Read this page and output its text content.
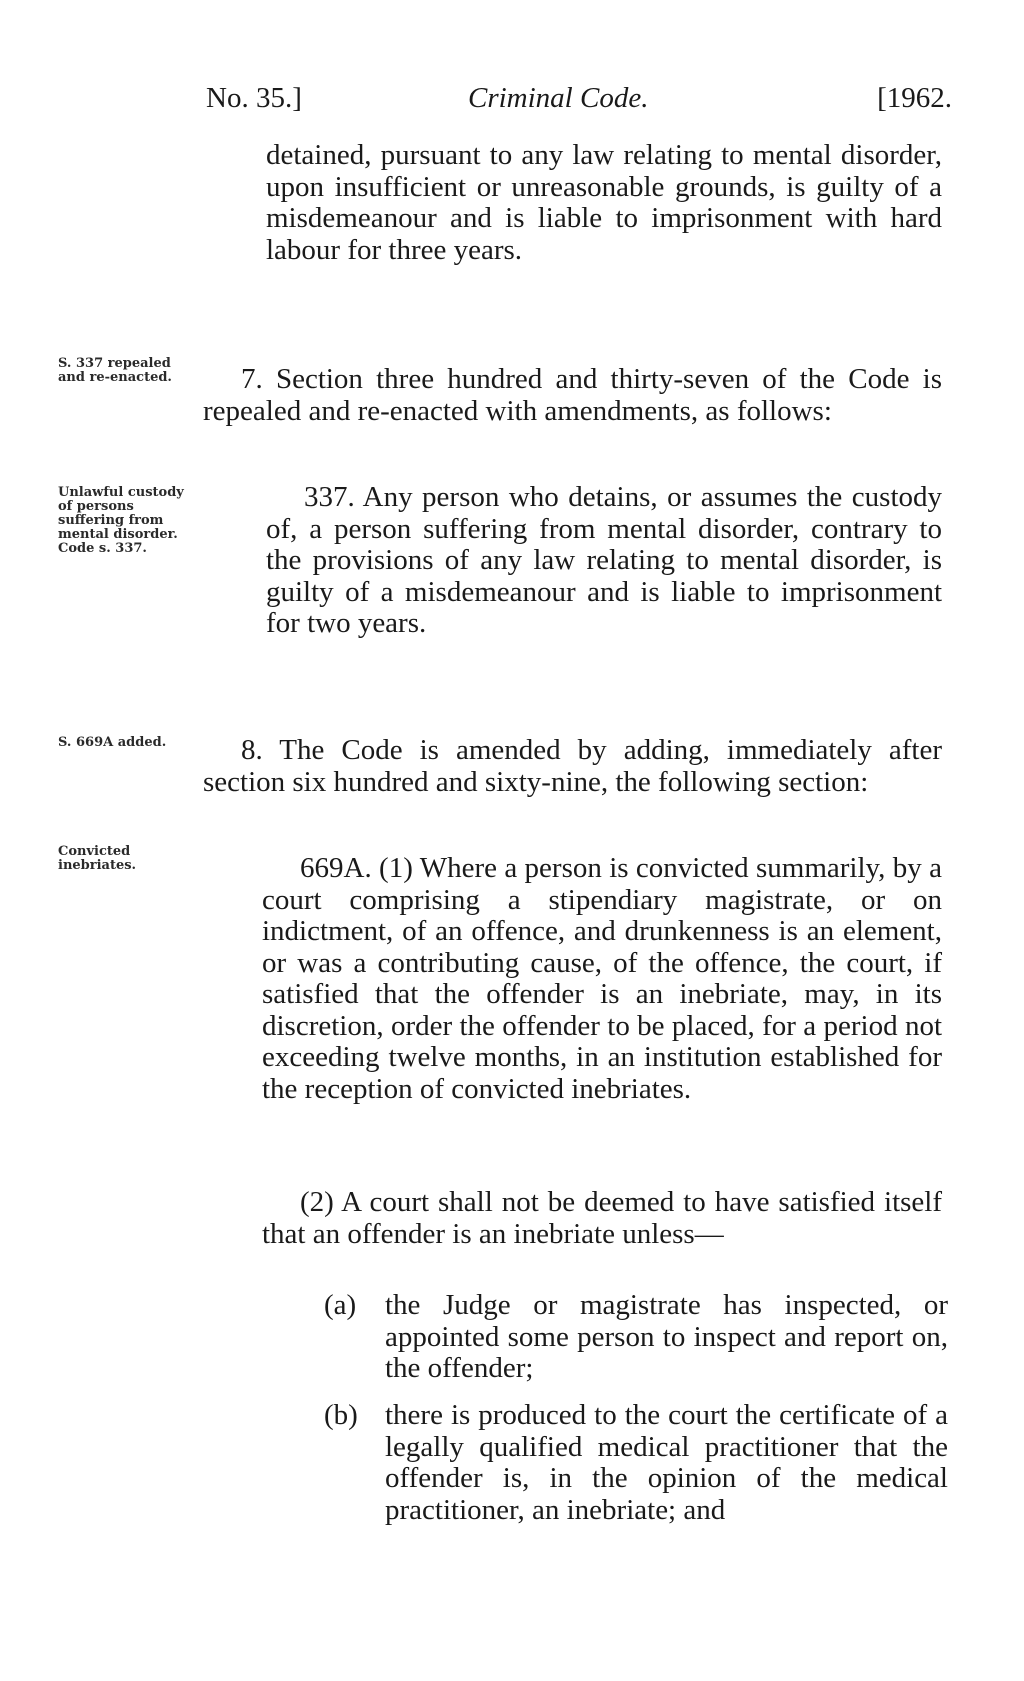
No. 35.]	Criminal Code.	[1962.
detained, pursuant to any law relating to mental disorder, upon insufficient or unreasonable grounds, is guilty of a misdemeanour and is liable to imprisonment with hard labour for three years.
S. 337 repealed and re-enacted.	7. Section three hundred and thirty-seven of the Code is repealed and re-enacted with amendments, as follows:
Unlawful custody of persons suffering from mental disorder. Code s. 337.
337. Any person who detains, or assumes the custody of, a person suffering from mental disorder, contrary to the provisions of any law relating to mental disorder, is guilty of a misdemeanour and is liable to imprisonment for two years.
S. 669A added.	8. The Code is amended by adding, immediately after section six hundred and sixty-nine, the following section:
Convicted inebriates.	669A. (1) Where a person is convicted summarily, by a court comprising a stipendiary magistrate, or on indictment, of an offence, and drunkenness is an element, or was a contributing cause, of the offence, the court, if satisfied that the offender is an inebriate, may, in its discretion, order the offender to be placed, for a period not exceeding twelve months, in an institution established for the reception of convicted inebriates.
(2) A court shall not be deemed to have satisfied itself that an offender is an inebriate unless—
(a) the Judge or magistrate has inspected, or appointed some person to inspect and report on, the offender;
(b) there is produced to the court the certificate of a legally qualified medical practitioner that the offender is, in the opinion of the medical practitioner, an inebriate; and
